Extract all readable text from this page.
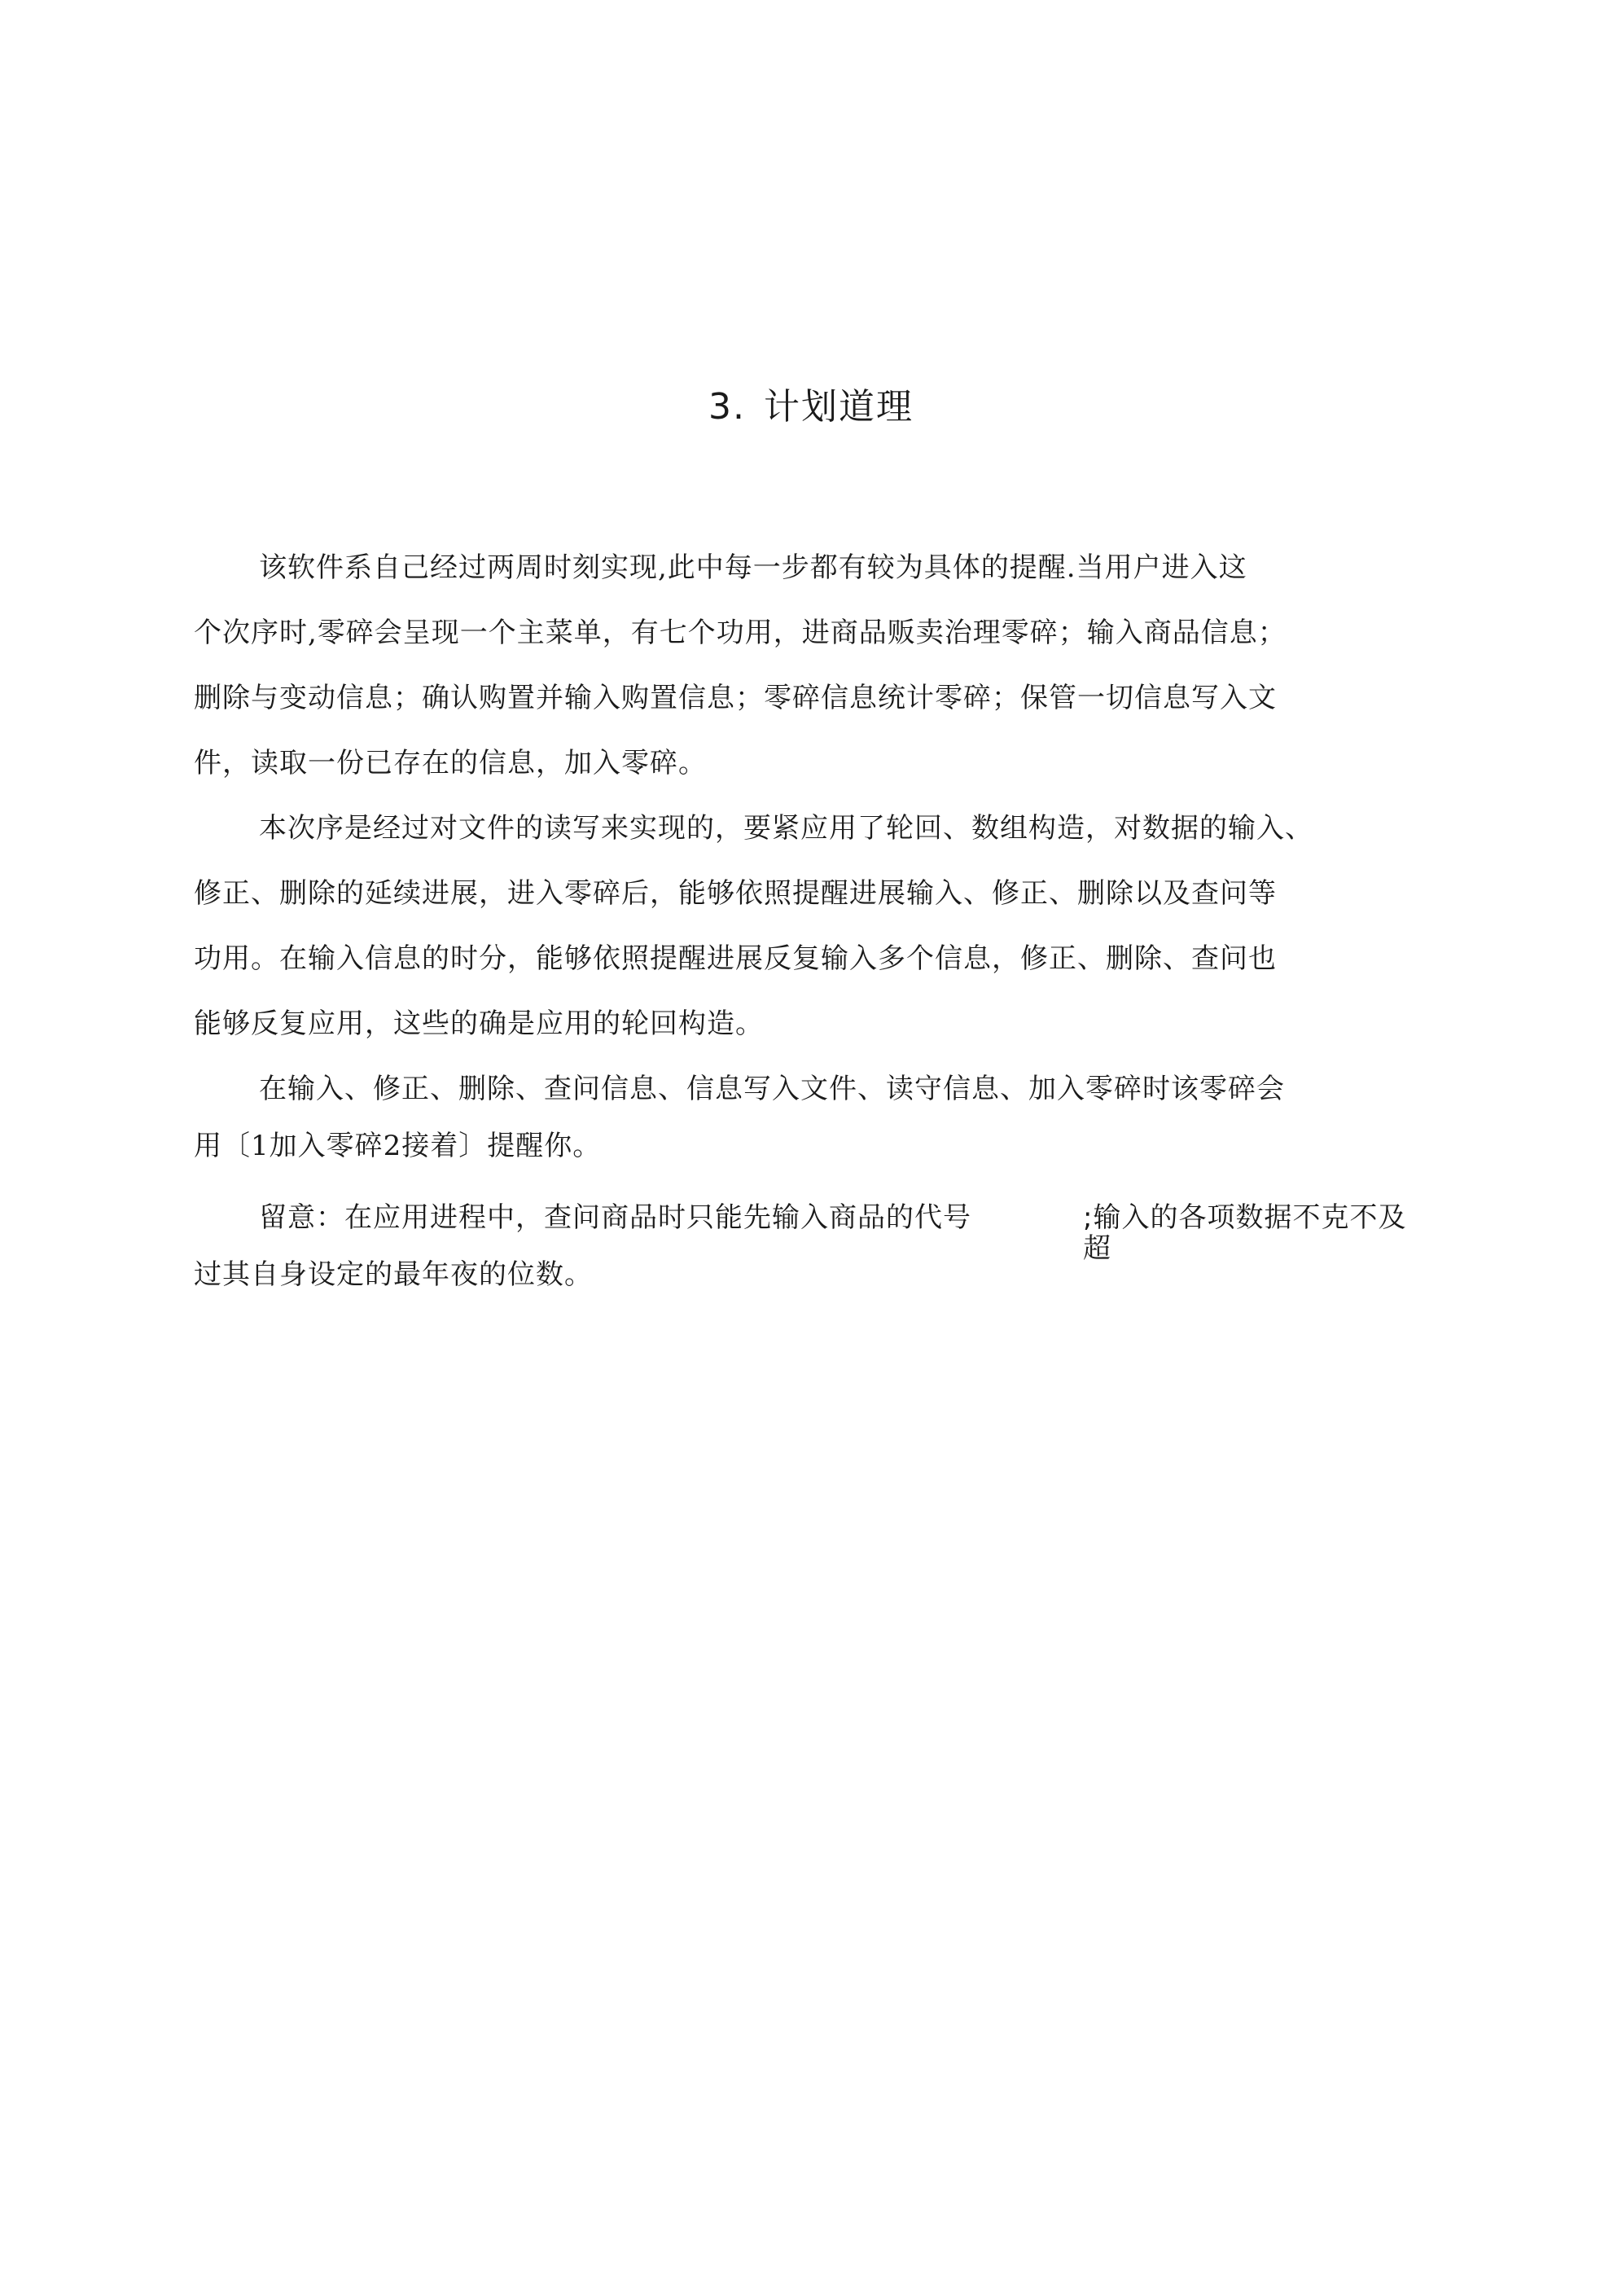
3. 计划道理
该软件系自己经过两周时刻实现,此中每一步都有较为具体的提醒.当用户进入这
个次序时,零碎会呈现一个主菜单，有七个功用，进商品贩卖治理零碎；输入商品信息；
删除与变动信息；确认购置并输入购置信息；零碎信息统计零碎；保管一切信息写入文
件，读取一份已存在的信息，加入零碎。
本次序是经过对文件的读写来实现的，要紧应用了轮回、数组构造，对数据的输入、
修正、删除的延续进展，进入零碎后，能够依照提醒进展输入、修正、删除以及查问等
功用。在输入信息的时分，能够依照提醒进展反复输入多个信息，修正、删除、查问也
能够反复应用，这些的确是应用的轮回构造。
在输入、修正、删除、查问信息、信息写入文件、读守信息、加入零碎时该零碎会
用〔1加入零碎2接着〕提醒你。
留意：在应用进程中，查问商品时只能先输入商品的代号	;输入的各项数据不克不及
超
过其自身设定的最年夜的位数。
